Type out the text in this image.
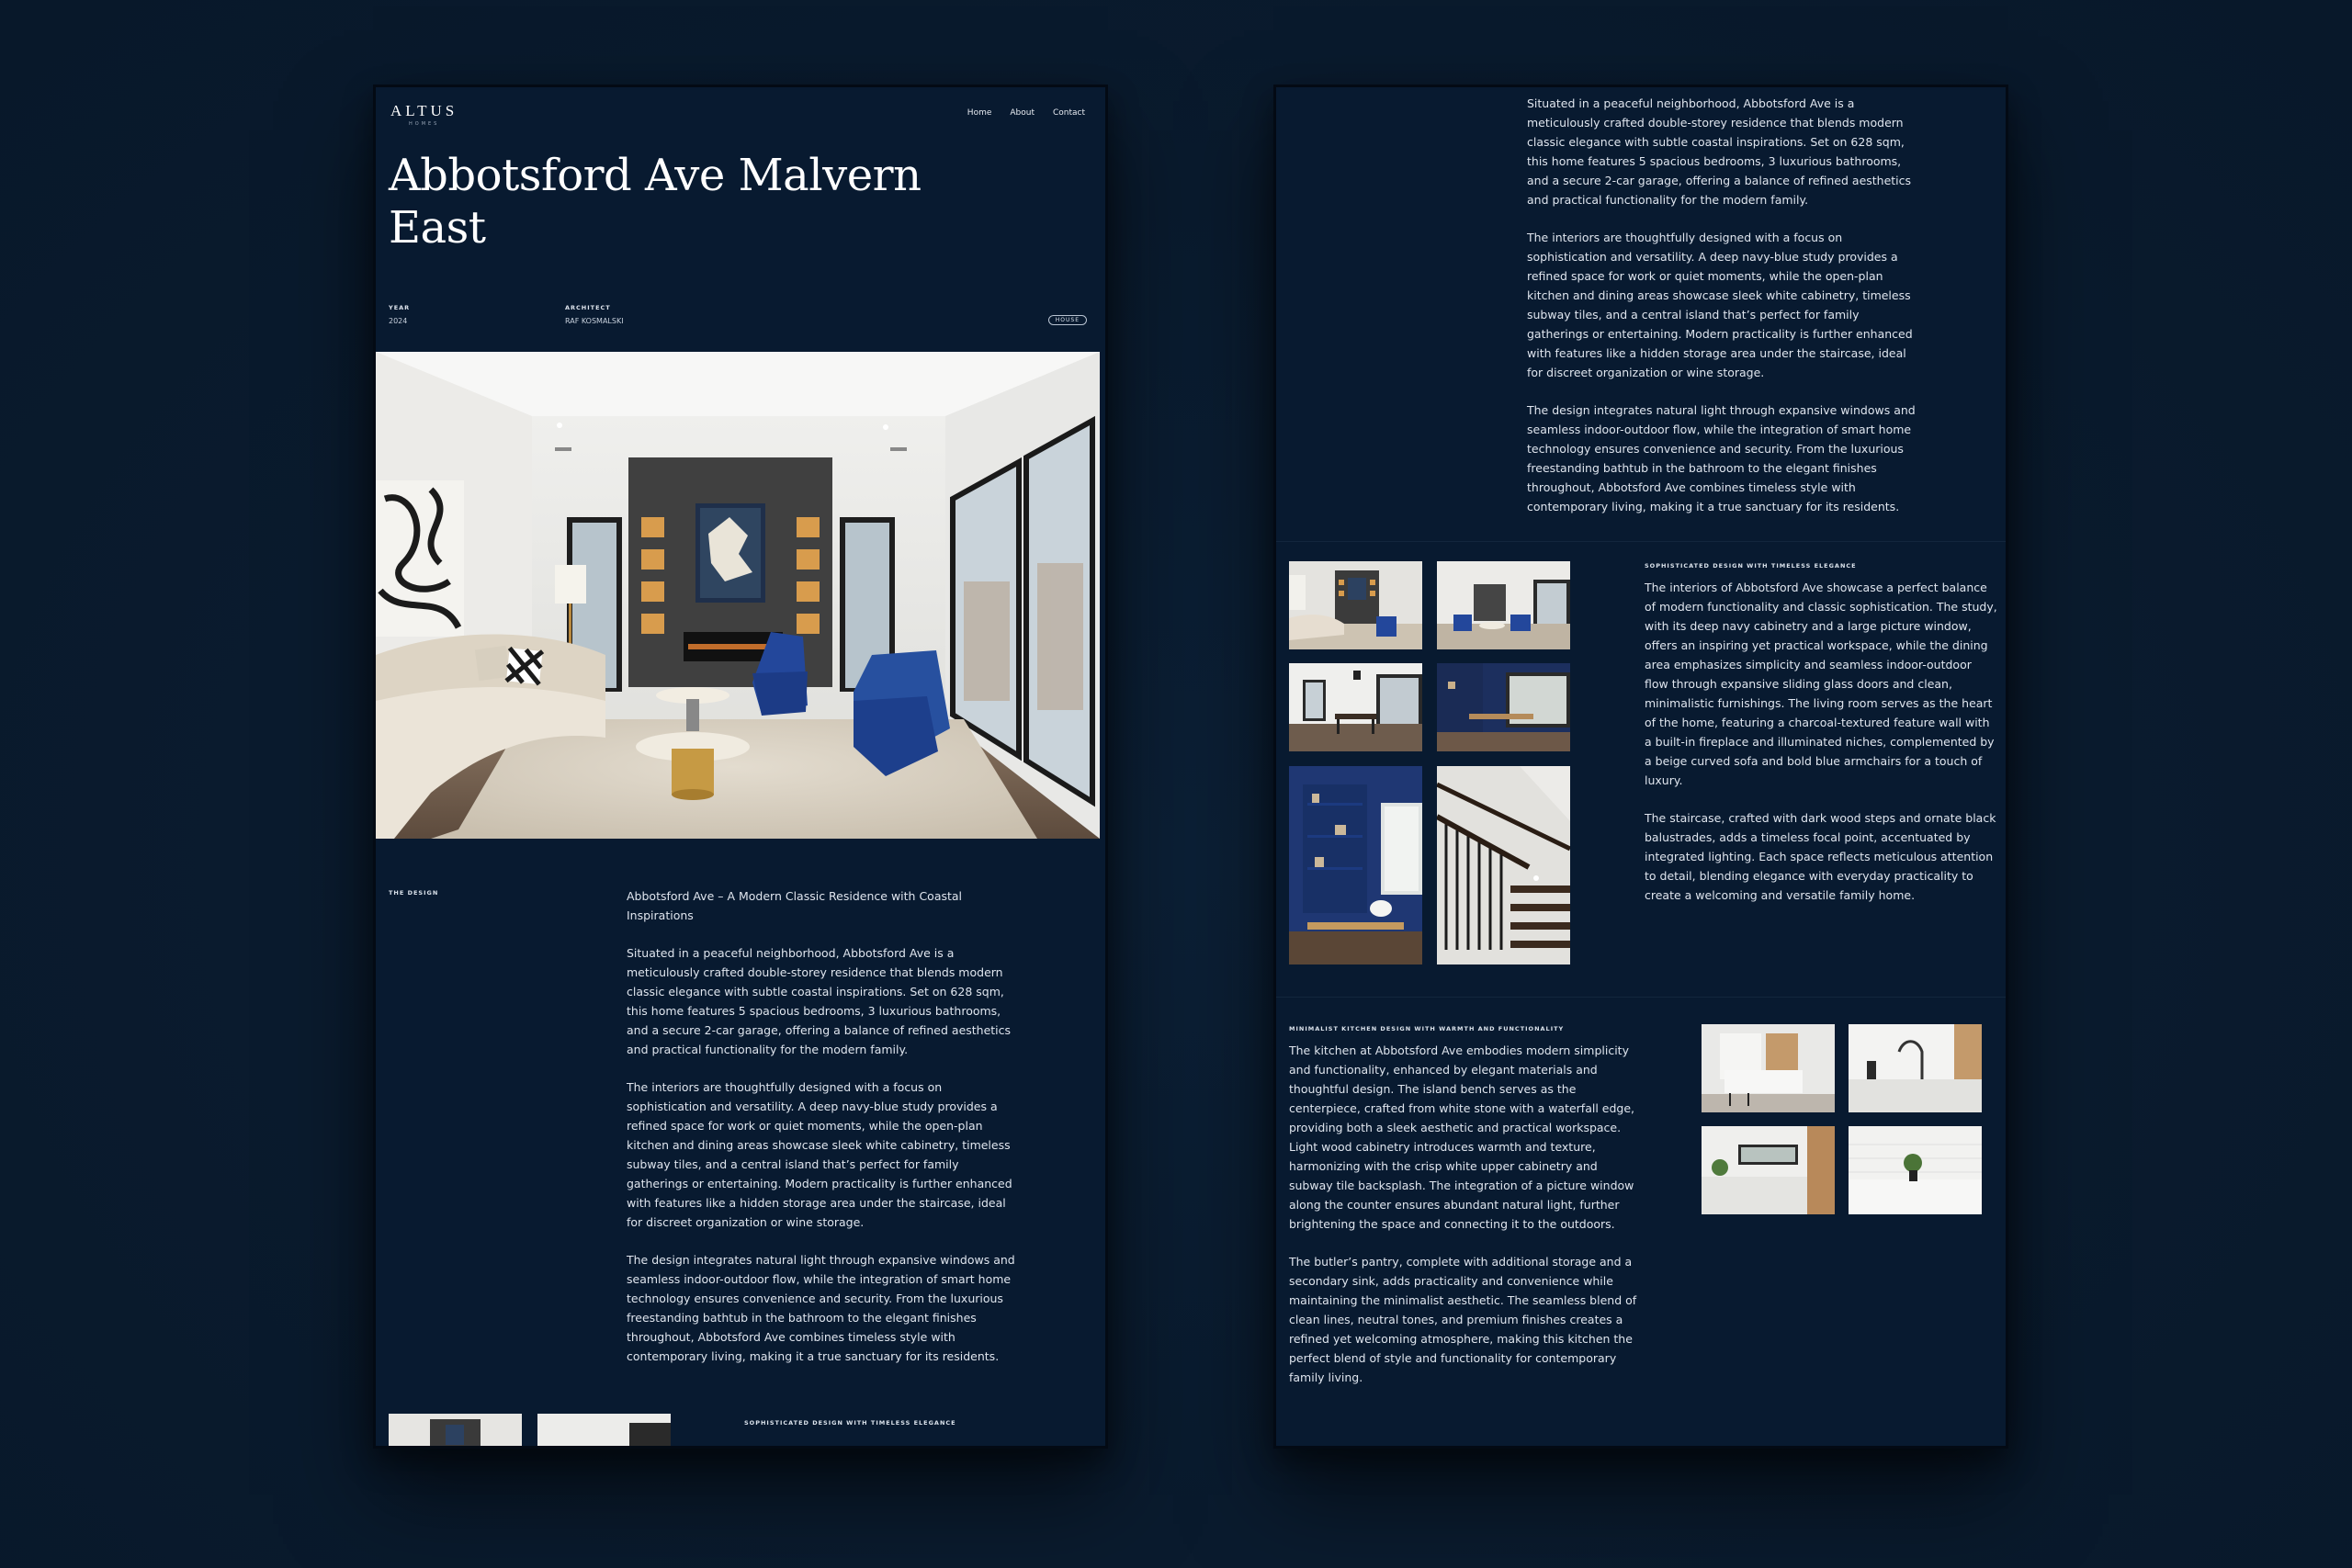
ALTUS
HOMES
Home About Contact
Abbotsford Ave Malvern
East
YEAR
2024
ARCHITECT
RAF KOSMALSKI	HOUSE
THE DESIGN	Abbotsford Ave – A Modern Classic Residence with Coastal Inspirations

Situated in a peaceful neighborhood, Abbotsford Ave is a meticulously crafted double-storey residence that blends modern classic elegance with subtle coastal inspirations. Set on 628 sqm, this home features 5 spacious bedrooms, 3 luxurious bathrooms, and a secure 2-car garage, offering a balance of refined aesthetics and practical functionality for the modern family.

The interiors are thoughtfully designed with a focus on sophistication and versatility. A deep navy-blue study provides a refined space for work or quiet moments, while the open-plan kitchen and dining areas showcase sleek white cabinetry, timeless subway tiles, and a central island that’s perfect for family gatherings or entertaining. Modern practicality is further enhanced with features like a hidden storage area under the staircase, ideal for discreet organization or wine storage.

The design integrates natural light through expansive windows and seamless indoor-outdoor flow, while the integration of smart home technology ensures convenience and security. From the luxurious freestanding bathtub in the bathroom to the elegant finishes throughout, Abbotsford Ave combines timeless style with contemporary living, making it a true sanctuary for its residents.

SOPHISTICATED DESIGN WITH TIMELESS ELEGANCE

Situated in a peaceful neighborhood, Abbotsford Ave is a meticulously crafted double-storey residence that blends modern classic elegance with subtle coastal inspirations. Set on 628 sqm, this home features 5 spacious bedrooms, 3 luxurious bathrooms, and a secure 2-car garage, offering a balance of refined aesthetics and practical functionality for the modern family.

The interiors are thoughtfully designed with a focus on sophistication and versatility. A deep navy-blue study provides a refined space for work or quiet moments, while the open-plan kitchen and dining areas showcase sleek white cabinetry, timeless subway tiles, and a central island that’s perfect for family gatherings or entertaining. Modern practicality is further enhanced with features like a hidden storage area under the staircase, ideal for discreet organization or wine storage.

The design integrates natural light through expansive windows and seamless indoor-outdoor flow, while the integration of smart home technology ensures convenience and security. From the luxurious freestanding bathtub in the bathroom to the elegant finishes throughout, Abbotsford Ave combines timeless style with contemporary living, making it a true sanctuary for its residents.

SOPHISTICATED DESIGN WITH TIMELESS ELEGANCE

The interiors of Abbotsford Ave showcase a perfect balance of modern functionality and classic sophistication. The study, with its deep navy cabinetry and a large picture window, offers an inspiring yet practical workspace, while the dining area emphasizes simplicity and seamless indoor-outdoor flow through expansive sliding glass doors and clean, minimalistic furnishings. The living room serves as the heart of the home, featuring a charcoal-textured feature wall with a built-in fireplace and illuminated niches, complemented by a beige curved sofa and bold blue armchairs for a touch of luxury.

The staircase, crafted with dark wood steps and ornate black balustrades, adds a timeless focal point, accentuated by integrated lighting. Each space reflects meticulous attention to detail, blending elegance with everyday practicality to create a welcoming and versatile family home.

MINIMALIST KITCHEN DESIGN WITH WARMTH AND FUNCTIONALITY

The kitchen at Abbotsford Ave embodies modern simplicity and functionality, enhanced by elegant materials and thoughtful design. The island bench serves as the centerpiece, crafted from white stone with a waterfall edge, providing both a sleek aesthetic and practical workspace. Light wood cabinetry introduces warmth and texture, harmonizing with the crisp white upper cabinetry and subway tile backsplash. The integration of a picture window along the counter ensures abundant natural light, further brightening the space and connecting it to the outdoors.

The butler’s pantry, complete with additional storage and a secondary sink, adds practicality and convenience while maintaining the minimalist aesthetic. The seamless blend of clean lines, neutral tones, and premium finishes creates a refined yet welcoming atmosphere, making this kitchen the perfect blend of style and functionality for contemporary family living.
